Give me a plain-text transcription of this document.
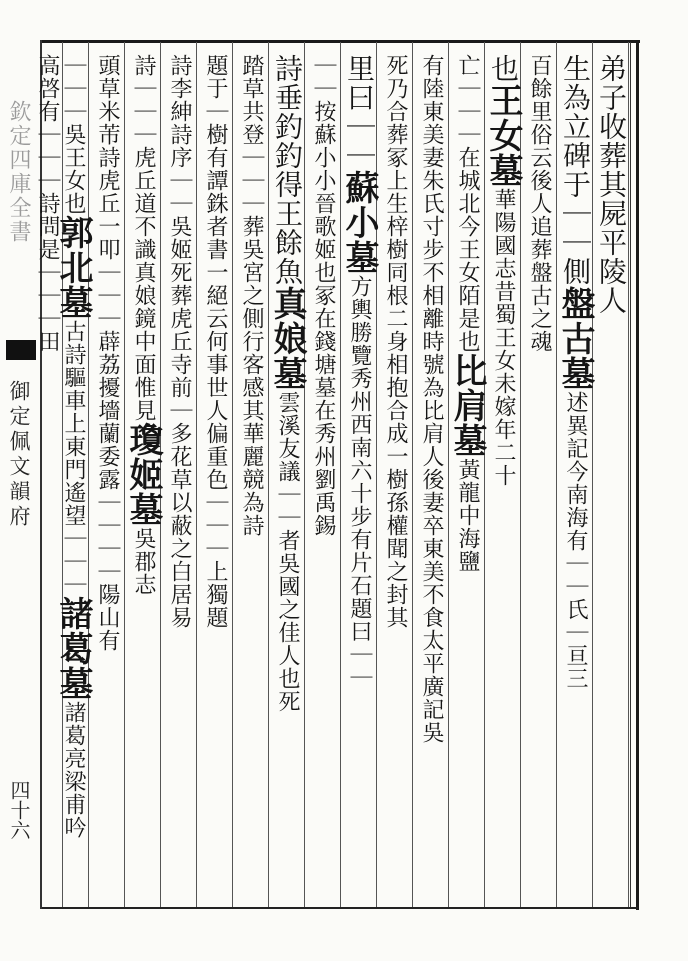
欽定四庫全書
御定佩文韻府
四十六
弟子收葬其屍平陵人
生為立碑于｜｜側盤古墓述異記今南海有｜｜氏｜亘三
百餘里俗云後人追葬盤古之魂
也王女墓華陽國志昔蜀王女未嫁年二十
亡｜｜｜在城北今王女陌是也比肩墓黃龍中海鹽
有陸東美妻朱氏寸步不相離時號為比肩人後妻卒東美不食太平廣記吳
死乃合葬冢上生梓樹同根二身相抱合成一樹孫權聞之封其
里曰｜｜蘇小墓方輿勝覽秀州西南六十步有片石題曰｜｜
｜｜按蘇小小晉歌姬也冢在錢塘墓在秀州劉禹錫
詩垂釣釣得王餘魚真娘墓雲溪友議｜｜者吳國之佳人也死
踏草共登｜｜｜葬吳宮之側行客感其華麗競為詩
題于｜樹有譚銖者書一絕云何事世人偏重色｜｜｜上獨題
詩李紳詩序｜｜吳姬死葬虎丘寺前｜多花草以蔽之白居易
詩｜｜｜虎丘道不識真娘鏡中面惟見瓊姬墓吳郡志
頭草米芾詩虎丘一叩｜｜｜薜荔擾墻蘭委露｜｜｜｜陽山有
｜｜｜吳王女也郭北墓古詩驅車上東門遙望｜｜｜諸葛墓諸葛亮梁甫吟
高啓有｜｜｜詩問是｜｜｜田
